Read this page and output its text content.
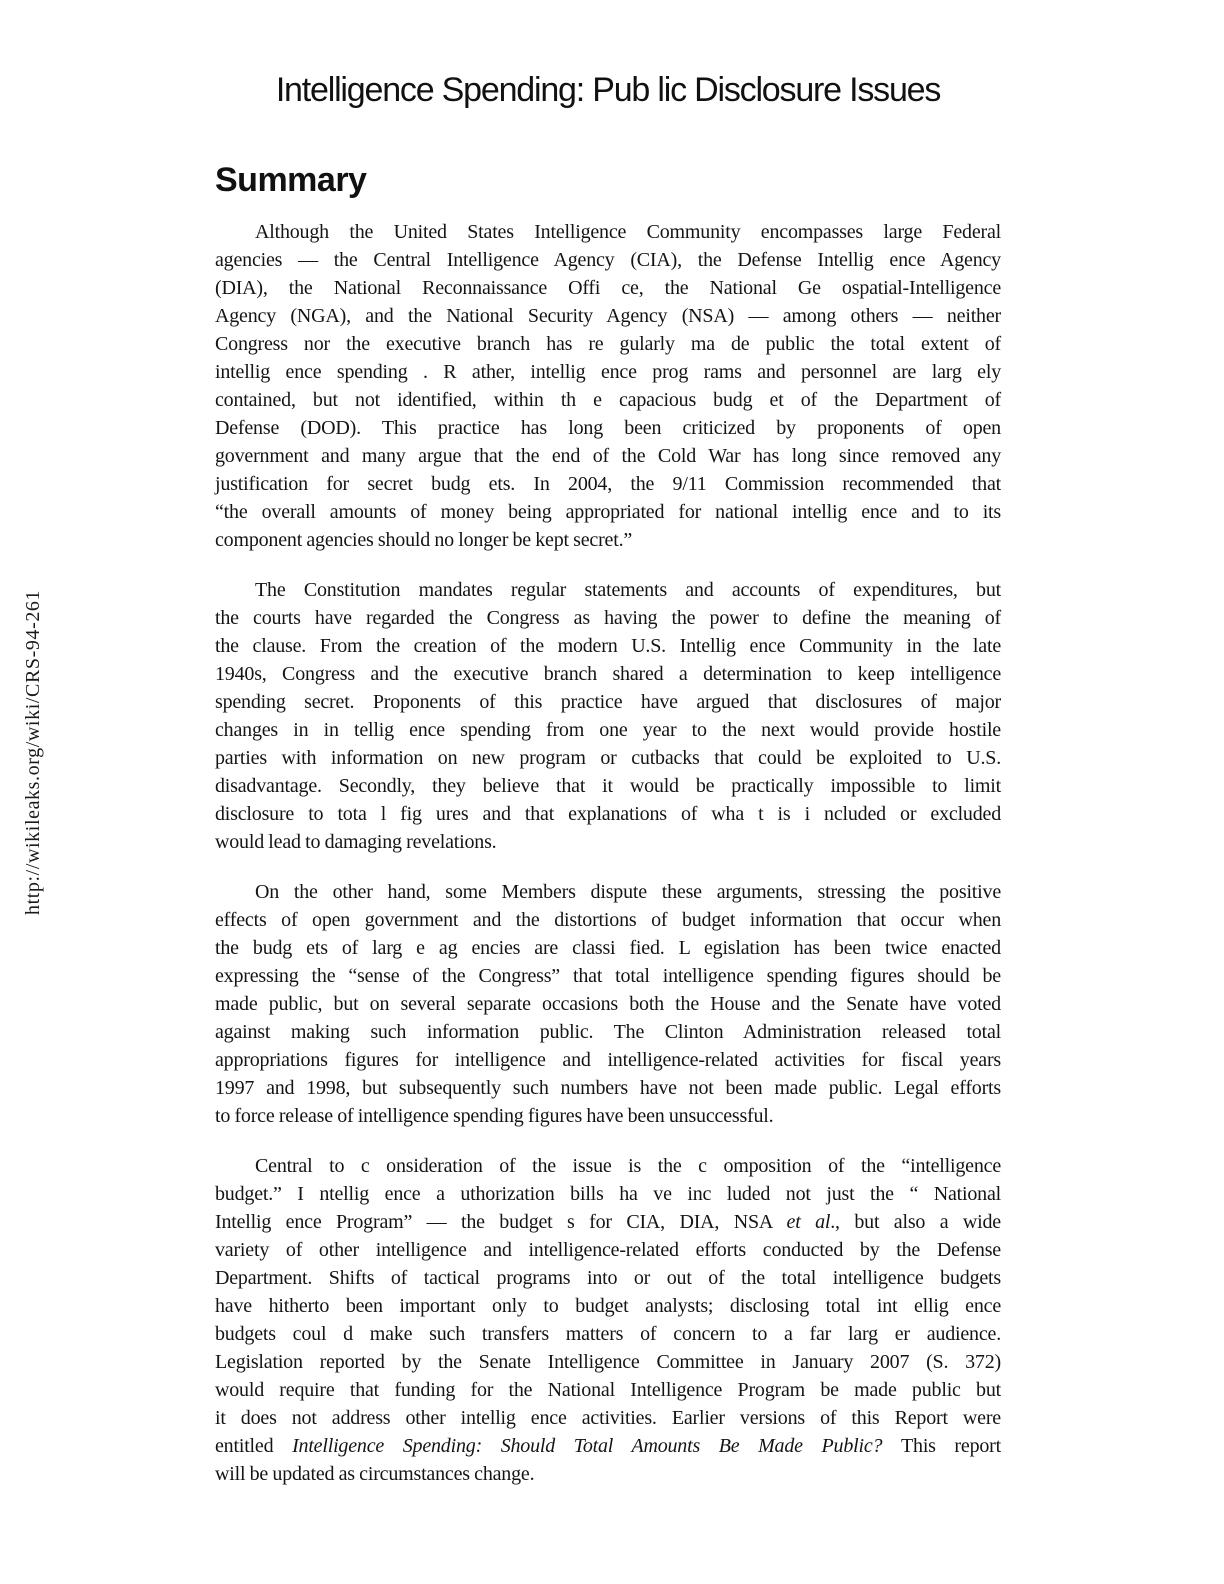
http://wikileaks.org/wiki/CRS-94-261
Intelligence Spending: Pub lic Disclosure Issues
Summary
Although the United States Intelligence Community encompasses large Federal
agencies — the Central Intelligence Agency (CIA), the Defense Intellig ence Agency
(DIA), the National Reconnaissance Offi ce, the National Ge ospatial-Intelligence
Agency (NGA), and the National Security Agency (NSA) — among others — neither
Congress nor the executive branch has re gularly ma de public the total extent of
intellig ence spending . R ather, intellig ence prog rams and personnel are larg ely
contained, but not identified, within th e capacious budg et of the Department of
Defense (DOD). This practice has long been criticized by proponents of open
government and many argue that the end of the Cold War has long since removed any
justification for secret budg ets. In 2004, the 9/11 Commission recommended that
“the overall amounts of money being appropriated for national intellig ence and to its
component agencies should no longer be kept secret.”
The Constitution mandates regular statements and accounts of expenditures, but
the courts have regarded the Congress as having the power to define the meaning of
the clause. From the creation of the modern U.S. Intellig ence Community in the late
1940s, Congress and the executive branch shared a determination to keep intelligence
spending secret. Proponents of this practice have argued that disclosures of major
changes in in tellig ence spending from one year to the next would provide hostile
parties with information on new program or cutbacks that could be exploited to U.S.
disadvantage. Secondly, they believe that it would be practically impossible to limit
disclosure to tota l fig ures and that explanations of wha t is i ncluded or excluded
would lead to damaging revelations.
On the other hand, some Members dispute these arguments, stressing the positive
effects of open government and the distortions of budget information that occur when
the budg ets of larg e ag encies are classi fied. L egislation has been twice enacted
expressing the “sense of the Congress” that total intelligence spending figures should be
made public, but on several separate occasions both the House and the Senate have voted
against making such information public. The Clinton Administration released total
appropriations figures for intelligence and intelligence-related activities for fiscal years
1997 and 1998, but subsequently such numbers have not been made public. Legal efforts
to force release of intelligence spending figures have been unsuccessful.
Central to c onsideration of the issue is the c omposition of the “intelligence
budget.” I ntellig ence a uthorization bills ha ve inc luded not just the “ National
Intellig ence Program” — the budget s for CIA, DIA, NSA et al., but also a wide
variety of other intelligence and intelligence-related efforts conducted by the Defense
Department. Shifts of tactical programs into or out of the total intelligence budgets
have hitherto been important only to budget analysts; disclosing total int ellig ence
budgets coul d make such transfers matters of concern to a far larg er audience.
Legislation reported by the Senate Intelligence Committee in January 2007 (S. 372)
would require that funding for the National Intelligence Program be made public but
it does not address other intellig ence activities. Earlier versions of this Report were
entitled Intelligence Spending: Should Total Amounts Be Made Public? This report
will be updated as circumstances change.
